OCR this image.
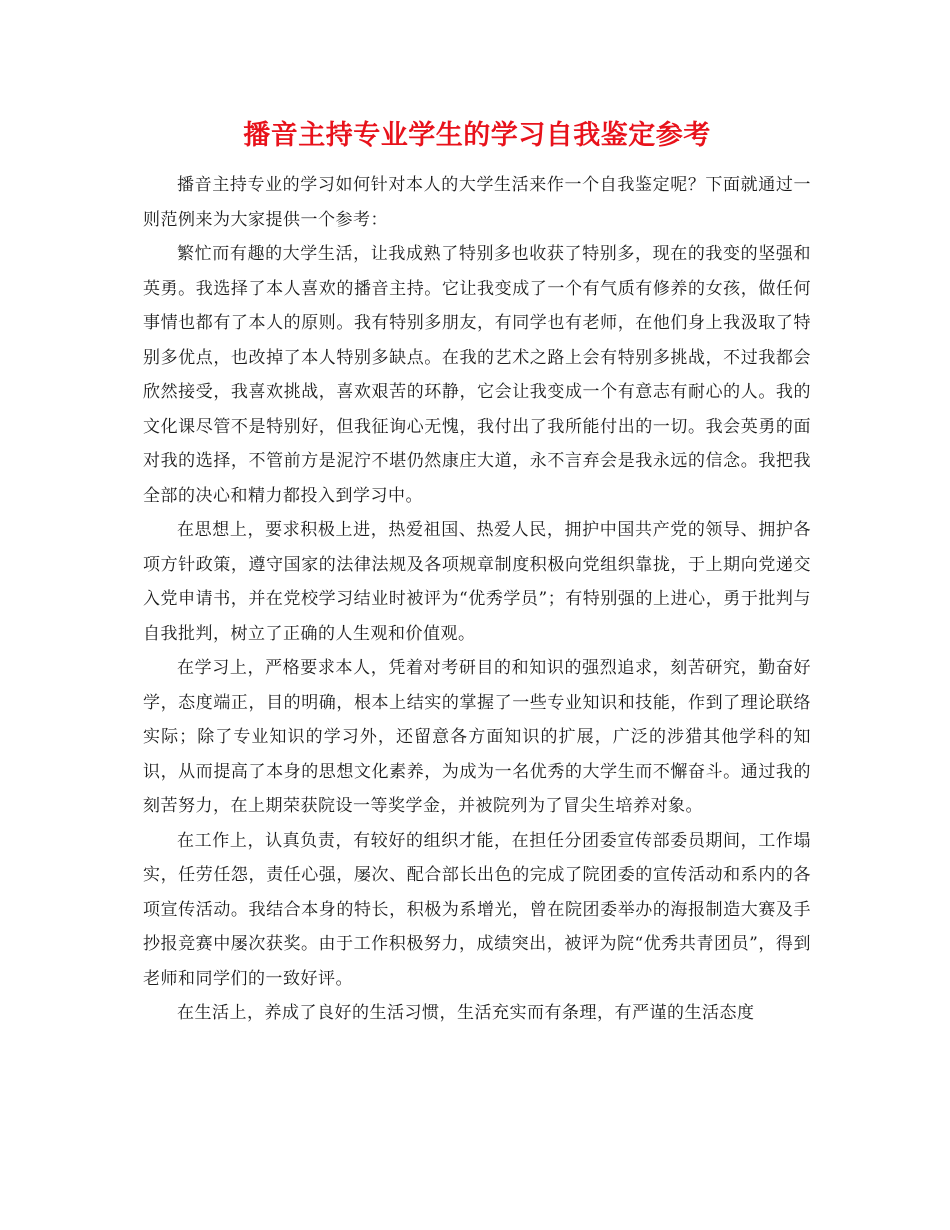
播音主持专业学生的学习自我鉴定参考

播音主持专业的学习如何针对本人的大学生活来作一个自我鉴定呢？下面就通过一则范例来为大家提供一个参考：

繁忙而有趣的大学生活，让我成熟了特别多也收获了特别多，现在的我变的坚强和英勇。我选择了本人喜欢的播音主持。它让我变成了一个有气质有修养的女孩，做任何事情也都有了本人的原则。我有特别多朋友，有同学也有老师，在他们身上我汲取了特别多优点，也改掉了本人特别多缺点。在我的艺术之路上会有特别多挑战，不过我都会欣然接受，我喜欢挑战，喜欢艰苦的环静，它会让我变成一个有意志有耐心的人。我的文化课尽管不是特别好，但我征询心无愧，我付出了我所能付出的一切。我会英勇的面对我的选择，不管前方是泥泞不堪仍然康庄大道，永不言弃会是我永远的信念。我把我全部的决心和精力都投入到学习中。

在思想上，要求积极上进，热爱祖国、热爱人民，拥护中国共产党的领导、拥护各项方针政策，遵守国家的法律法规及各项规章制度积极向党组织靠拢，于上期向党递交入党申请书，并在党校学习结业时被评为“优秀学员”；有特别强的上进心，勇于批判与自我批判，树立了正确的人生观和价值观。

在学习上，严格要求本人，凭着对考研目的和知识的强烈追求，刻苦研究，勤奋好学，态度端正，目的明确，根本上结实的掌握了一些专业知识和技能，作到了理论联络实际；除了专业知识的学习外，还留意各方面知识的扩展，广泛的涉猎其他学科的知识，从而提高了本身的思想文化素养，为成为一名优秀的大学生而不懈奋斗。通过我的刻苦努力，在上期荣获院设一等奖学金，并被院列为了冒尖生培养对象。

在工作上，认真负责，有较好的组织才能，在担任分团委宣传部委员期间，工作塌实，任劳任怨，责任心强，屡次、配合部长出色的完成了院团委的宣传活动和系内的各项宣传活动。我结合本身的特长，积极为系增光，曾在院团委举办的海报制造大赛及手抄报竞赛中屡次获奖。由于工作积极努力，成绩突出，被评为院“优秀共青团员”，得到老师和同学们的一致好评。

在生活上，养成了良好的生活习惯，生活充实而有条理，有严谨的生活态度
